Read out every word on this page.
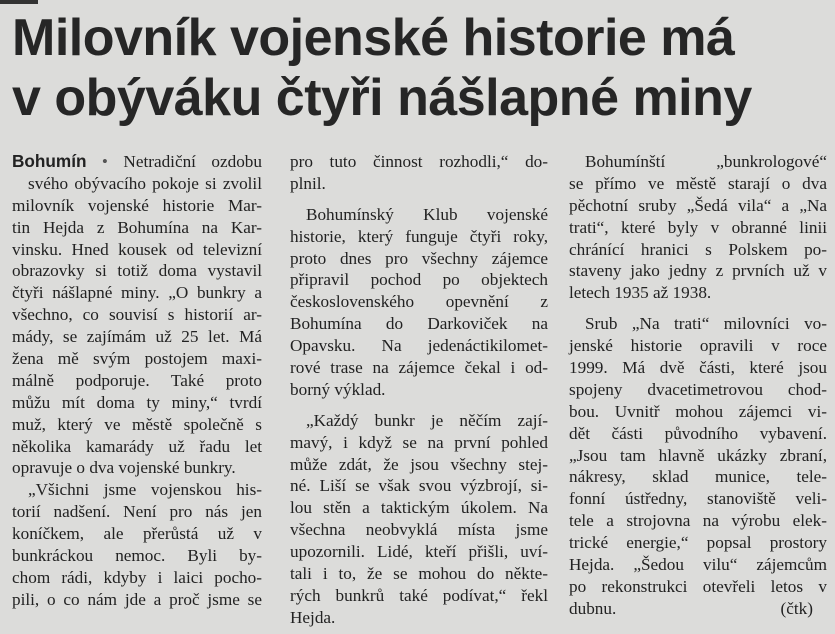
Milovník vojenské historie má
v obýváku čtyři nášlapné miny
Bohumín • Netradiční ozdobu
svého obývacího pokoje si zvolil
milovník vojenské historie Mar-
tin Hejda z Bohumína na Kar-
vinsku. Hned kousek od televizní
obrazovky si totiž doma vystavil
čtyři nášlapné miny. „O bunkry a
všechno, co souvisí s historií ar-
mády, se zajímám už 25 let. Má
žena mě svým postojem maxi-
málně podporuje. Také proto
můžu mít doma ty miny,“ tvrdí
muž, který ve městě společně s
několika kamarády už řadu let
opravuje o dva vojenské bunkry.
„Všichni jsme vojenskou his-
torií nadšení. Není pro nás jen
koníčkem, ale přerůstá už v
bunkráckou nemoc. Byli by-
chom rádi, kdyby i laici pocho-
pili, o co nám jde a proč jsme se
pro tuto činnost rozhodli,“ do-
plnil.
Bohumínský Klub vojenské
historie, který funguje čtyři roky,
proto dnes pro všechny zájemce
připravil pochod po objektech
československého opevnění z
Bohumína do Darkoviček na
Opavsku. Na jedenáctikilomet-
rové trase na zájemce čekal i od-
borný výklad.
„Každý bunkr je něčím zají-
mavý, i když se na první pohled
může zdát, že jsou všechny stej-
né. Liší se však svou výzbrojí, si-
lou stěn a taktickým úkolem. Na
všechna neobvyklá místa jsme
upozornili. Lidé, kteří přišli, uví-
tali i to, že se mohou do někte-
rých bunkrů také podívat,“ řekl
Hejda.
Bohumínští „bunkrologové“
se přímo ve městě starají o dva
pěchotní sruby „Šedá vila“ a „Na
trati“, které byly v obranné linii
chránící hranici s Polskem po-
staveny jako jedny z prvních už v
letech 1935 až 1938.
Srub „Na trati“ milovníci vo-
jenské historie opravili v roce
1999. Má dvě části, které jsou
spojeny dvacetimetrovou chod-
bou. Uvnitř mohou zájemci vi-
dět části původního vybavení.
„Jsou tam hlavně ukázky zbraní,
nákresy, sklad munice, tele-
fonní ústředny, stanoviště veli-
tele a strojovna na výrobu elek-
trické energie,“ popsal prostory
Hejda. „Šedou vilu“ zájemcům
po rekonstrukci otevřeli letos v
dubnu.	(čtk)
